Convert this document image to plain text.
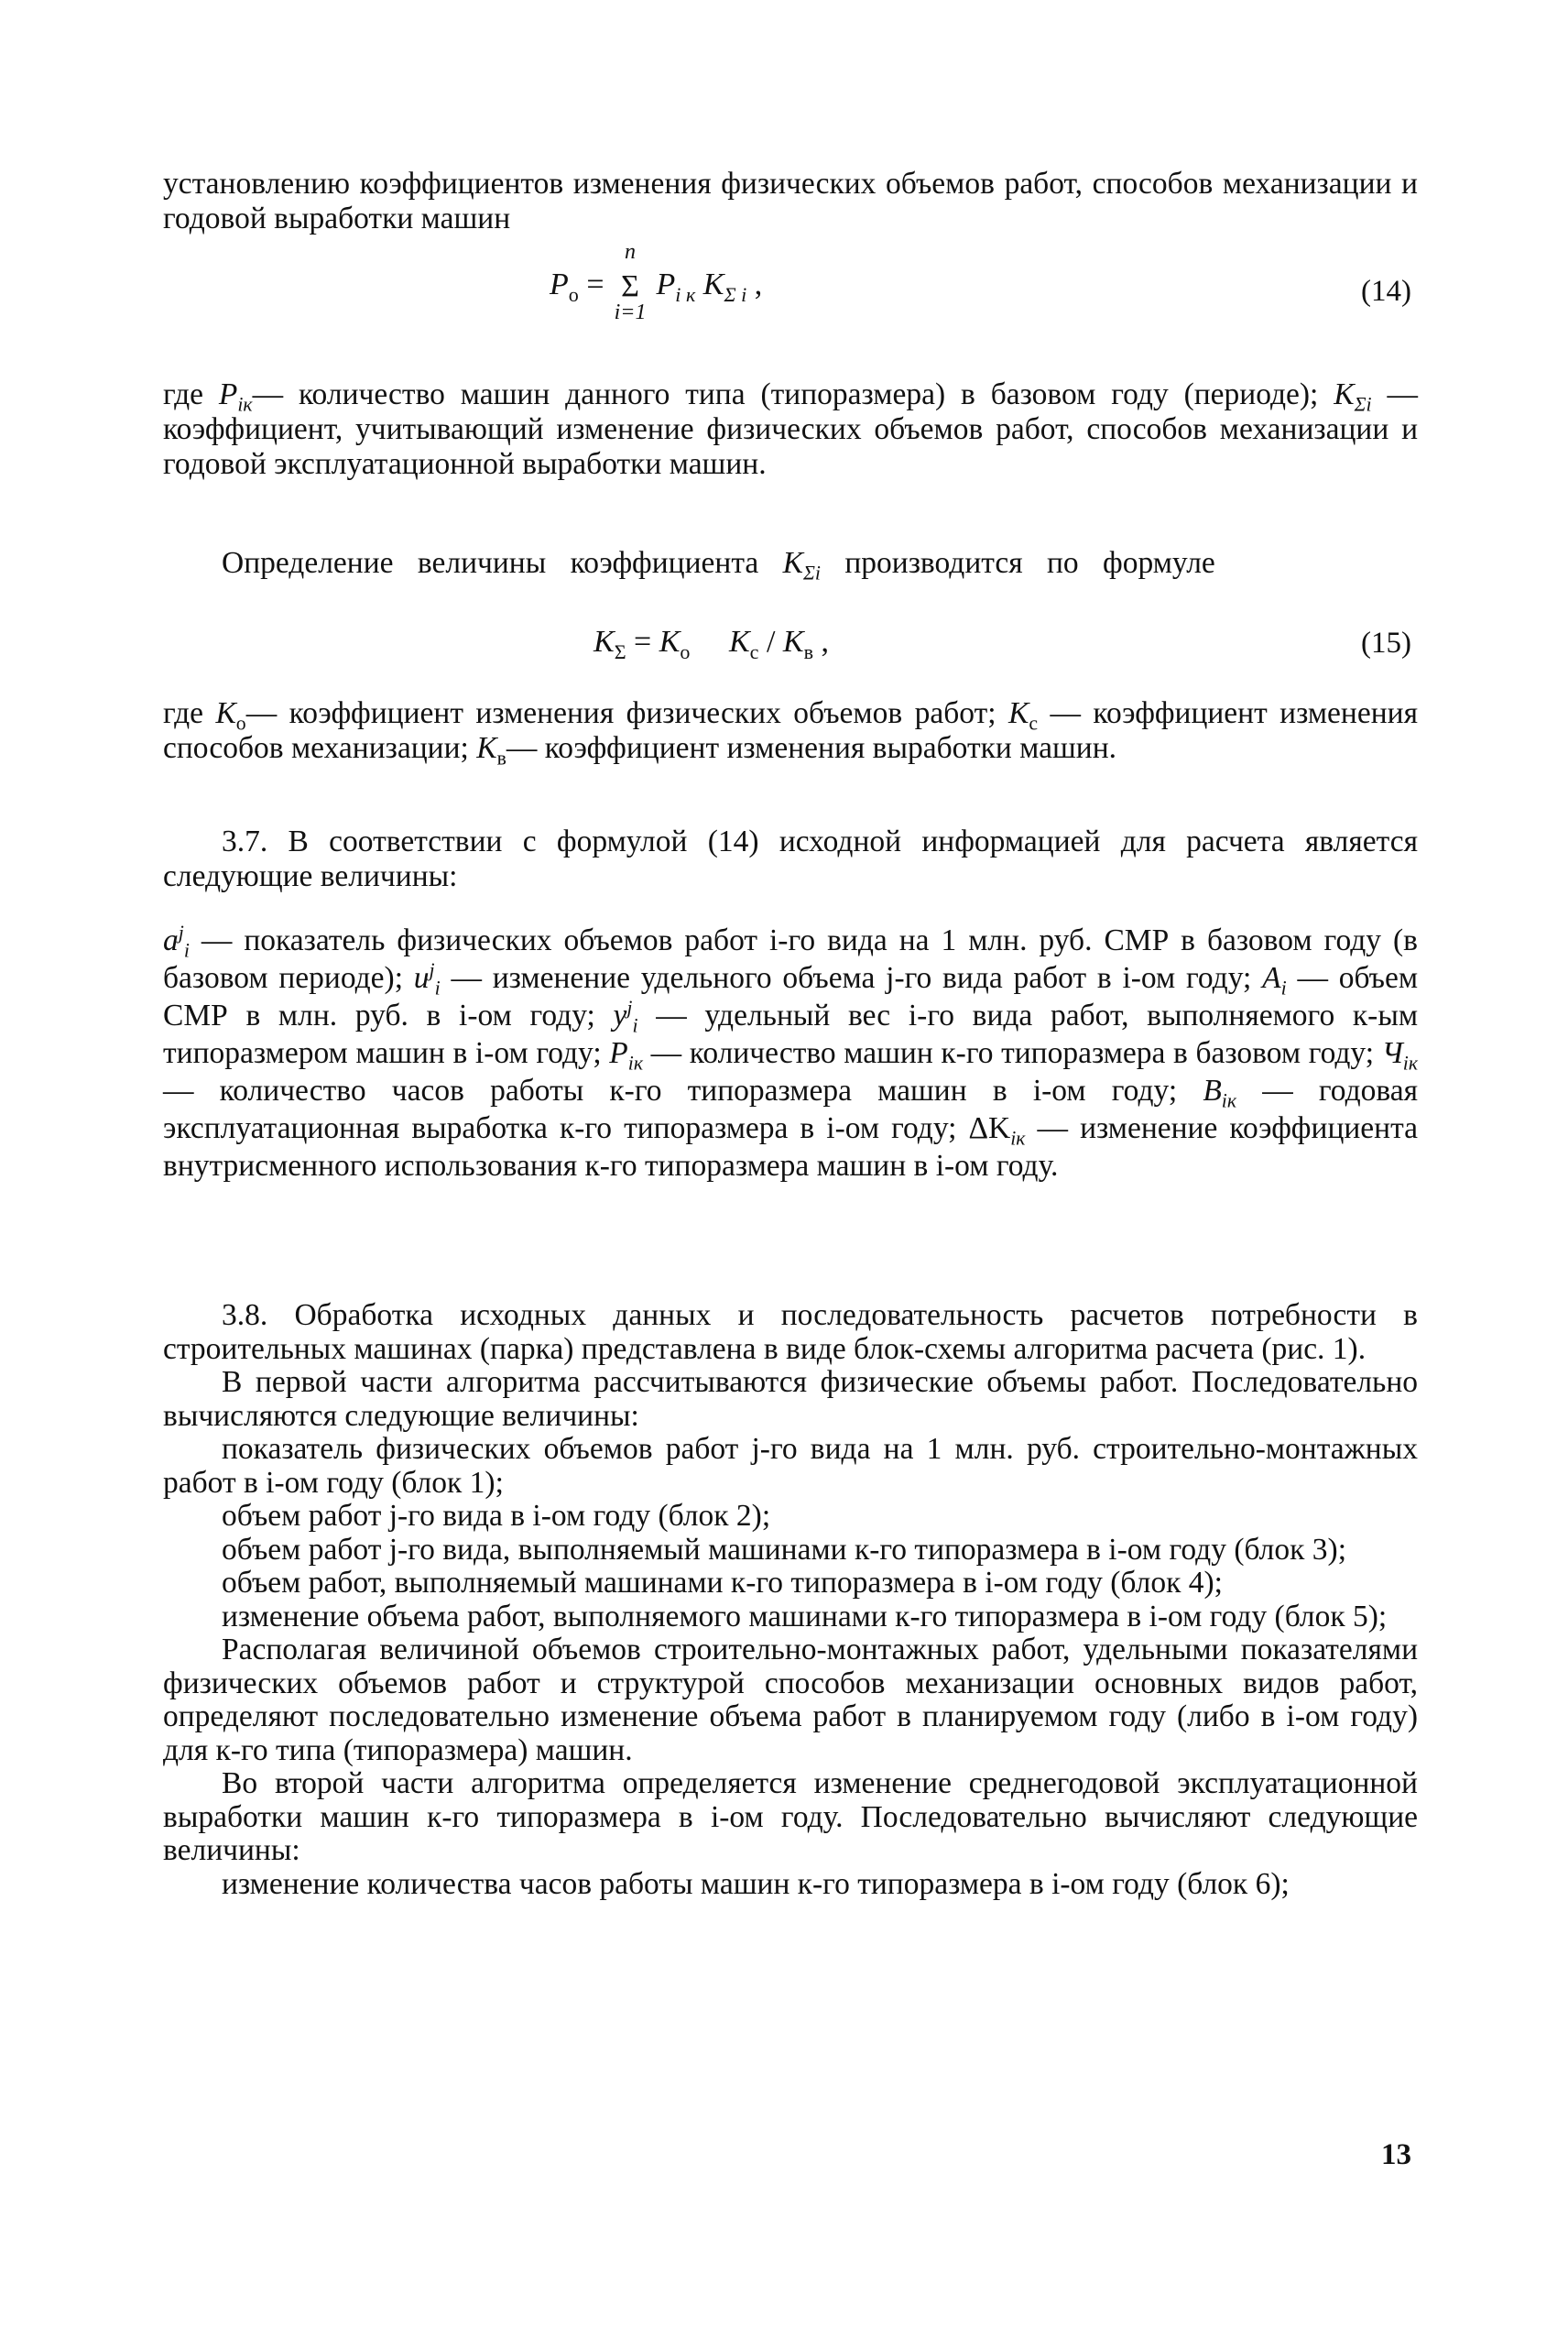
установлению коэффициентов изменения физических объемов работ, способов механизации и годовой выработки машин

$P_о$ =
n
Σ
i=1
$P_{i к}$ $K_{\Sigma i}$ ,	(14)

где $P_{iк}—$ количество машин данного типа (типоразмера) в базовом году (периоде); $K_{\Sigma i}$ — коэффициент, учитывающий изменение физических объемов работ, способов механизации и годовой эксплуатационной выработки машин.

Определение величины коэффициента $K_{\Sigma i}$ производится по формуле

$K_\Sigma = K_о$ $K_с / K_в$ ,	(15)

где $K_о—$ коэффициент изменения физических объемов работ; $K_с$ — коэффициент изменения способов механизации; $K_в—$ коэффициент изменения выработки машин.

3.7. В соответствии с формулой (14) исходной информацией для расчета является следующие величины:

$a^j_i$ — показатель физических объемов работ i-го вида на 1 млн. руб. СМР в базовом году (в базовом периоде); $u^j_i$ — изменение удельного объема j-го вида работ в i-ом году; $A_i$ — объем СМР в млн. руб. в i-ом году; $y^j_i$ — удельный вес i-го вида работ, выполняемого к-ым типоразмером машин в i-ом году; $P_{iк}$ — количество машин к-го типоразмера в базовом году; $Ч_{iк}$ — количество часов работы к-го типоразмера машин в i-ом году; $B_{iк}$ — годовая эксплуатационная выработка к-го типоразмера в i-ом году; $\Delta K_{iк}$ — изменение коэффициента внутрисменного использования к-го типоразмера машин в i-ом году.

3.8. Обработка исходных данных и последовательность расчетов потребности в строительных машинах (парка) представлена в виде блок-схемы алгоритма расчета (рис. 1).

В первой части алгоритма рассчитываются физические объемы работ. Последовательно вычисляются следующие величины:

показатель физических объемов работ j-го вида на 1 млн. руб. строительно-монтажных работ в i-ом году (блок 1);

объем работ j-го вида в i-ом году (блок 2);

объем работ j-го вида, выполняемый машинами к-го типоразмера в i-ом году (блок 3);

объем работ, выполняемый машинами к-го типоразмера в i-ом году (блок 4);

изменение объема работ, выполняемого машинами к-го типоразмера в i-ом году (блок 5);

Располагая величиной объемов строительно-монтажных работ, удельными показателями физических объемов работ и структурой способов механизации основных видов работ, определяют последовательно изменение объема работ в планируемом году (либо в i-ом году) для к-го типа (типоразмера) машин.

Во второй части алгоритма определяется изменение среднегодовой эксплуатационной выработки машин к-го типоразмера в i-ом году. Последовательно вычисляют следующие величины:

изменение количества часов работы машин к-го типоразмера в i-ом году (блок 6);

13
